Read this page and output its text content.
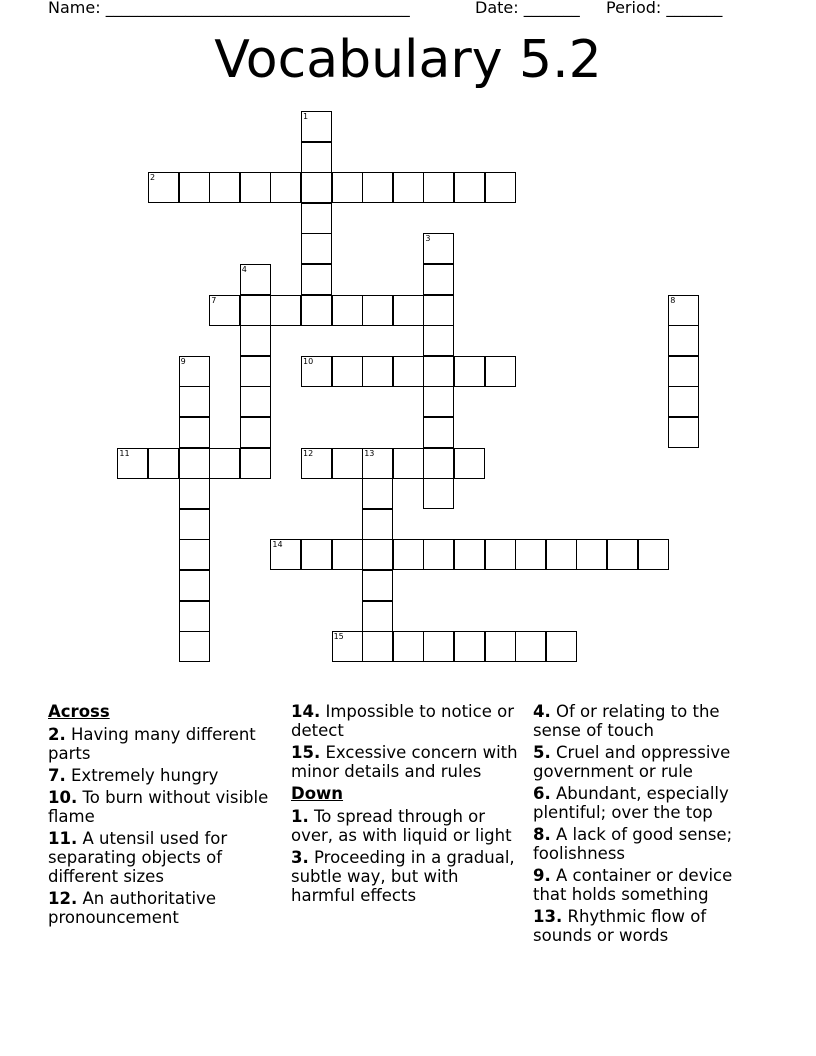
Name: ______________________________________	Date: _______ Period: _______
Vocabulary 5.2
1
2
3
4
7	8
9	10
11	12	13
14
15
Across
2. Having many different parts
7. Extremely hungry
10. To burn without visible flame
11. A utensil used for separating objects of different sizes
12. An authoritative pronouncement
14. Impossible to notice or detect
15. Excessive concern with minor details and rules
Down
1. To spread through or over, as with liquid or light
3. Proceeding in a gradual, subtle way, but with harmful effects
4. Of or relating to the sense of touch
5. Cruel and oppressive government or rule
6. Abundant, especially plentiful; over the top
8. A lack of good sense; foolishness
9. A container or device that holds something
13. Rhythmic flow of sounds or words
